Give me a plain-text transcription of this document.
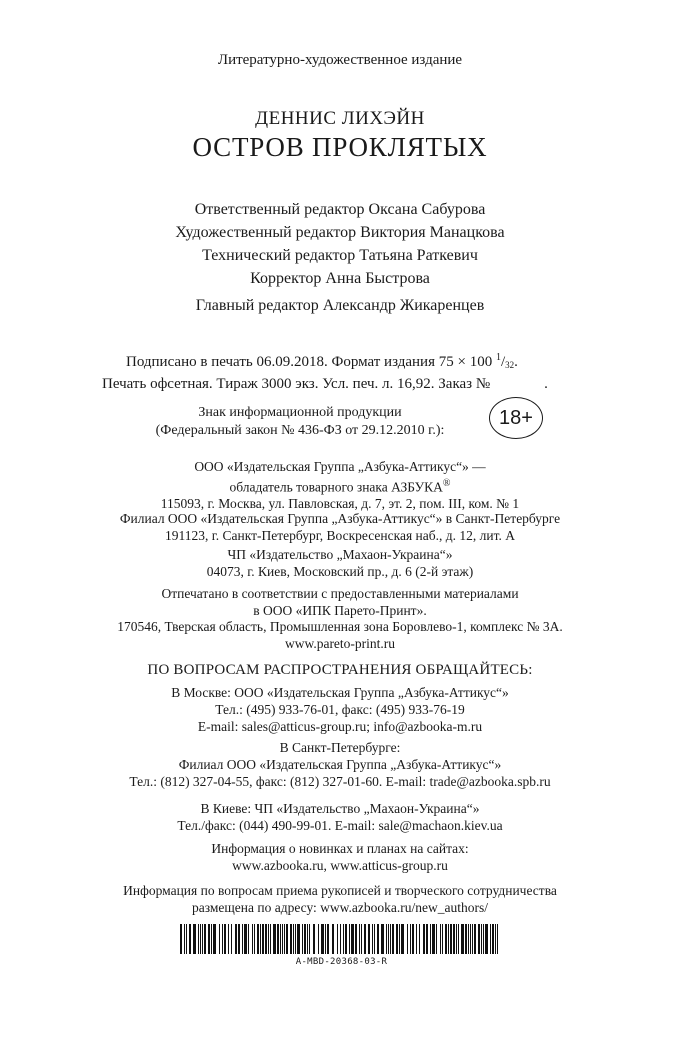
Литературно-художественное издание
ДЕННИС ЛИХЭЙН
ОСТРОВ ПРОКЛЯТЫХ
Ответственный редактор Оксана Сабурова
Художественный редактор Виктория Манацкова
Технический редактор Татьяна Раткевич
Корректор Анна Быстрова
Главный редактор Александр Жикаренцев
Подписано в печать 06.09.2018. Формат издания 75 × 100 $^1/_{32}$.
Печать офсетная. Тираж 3000 экз. Усл. печ. л. 16,92. Заказ №	.
Знак информационной продукции
(Федеральный закон № 436-ФЗ от 29.12.2010 г.):
18+
ООО «Издательская Группа „Азбука-Аттикус“» —
обладатель товарного знака АЗБУКА®
115093, г. Москва, ул. Павловская, д. 7, эт. 2, пом. III, ком. № 1
Филиал ООО «Издательская Группа „Азбука-Аттикус“» в Санкт-Петербурге
191123, г. Санкт-Петербург, Воскресенская наб., д. 12, лит. А
ЧП «Издательство „Махаон-Украина“»
04073, г. Киев, Московский пр., д. 6 (2-й этаж)
Отпечатано в соответствии с предоставленными материалами
в ООО «ИПК Парето-Принт».
170546, Тверская область, Промышленная зона Боровлево-1, комплекс № 3А.
www.pareto-print.ru
ПО ВОПРОСАМ РАСПРОСТРАНЕНИЯ ОБРАЩАЙТЕСЬ:
В Москве: ООО «Издательская Группа „Азбука-Аттикус“»
Тел.: (495) 933-76-01, факс: (495) 933-76-19
E-mail: sales@atticus-group.ru; info@azbooka-m.ru
В Санкт-Петербурге:
Филиал ООО «Издательская Группа „Азбука-Аттикус“»
Тел.: (812) 327-04-55, факс: (812) 327-01-60. E-mail: trade@azbooka.spb.ru
В Киеве: ЧП «Издательство „Махаон-Украина“»
Тел./факс: (044) 490-99-01. E-mail: sale@machaon.kiev.ua
Информация о новинках и планах на сайтах:
www.azbooka.ru, www.atticus-group.ru
Информация по вопросам приема рукописей и творческого сотрудничества
размещена по адресу: www.azbooka.ru/new_authors/
A-MBD-20368-03-R
